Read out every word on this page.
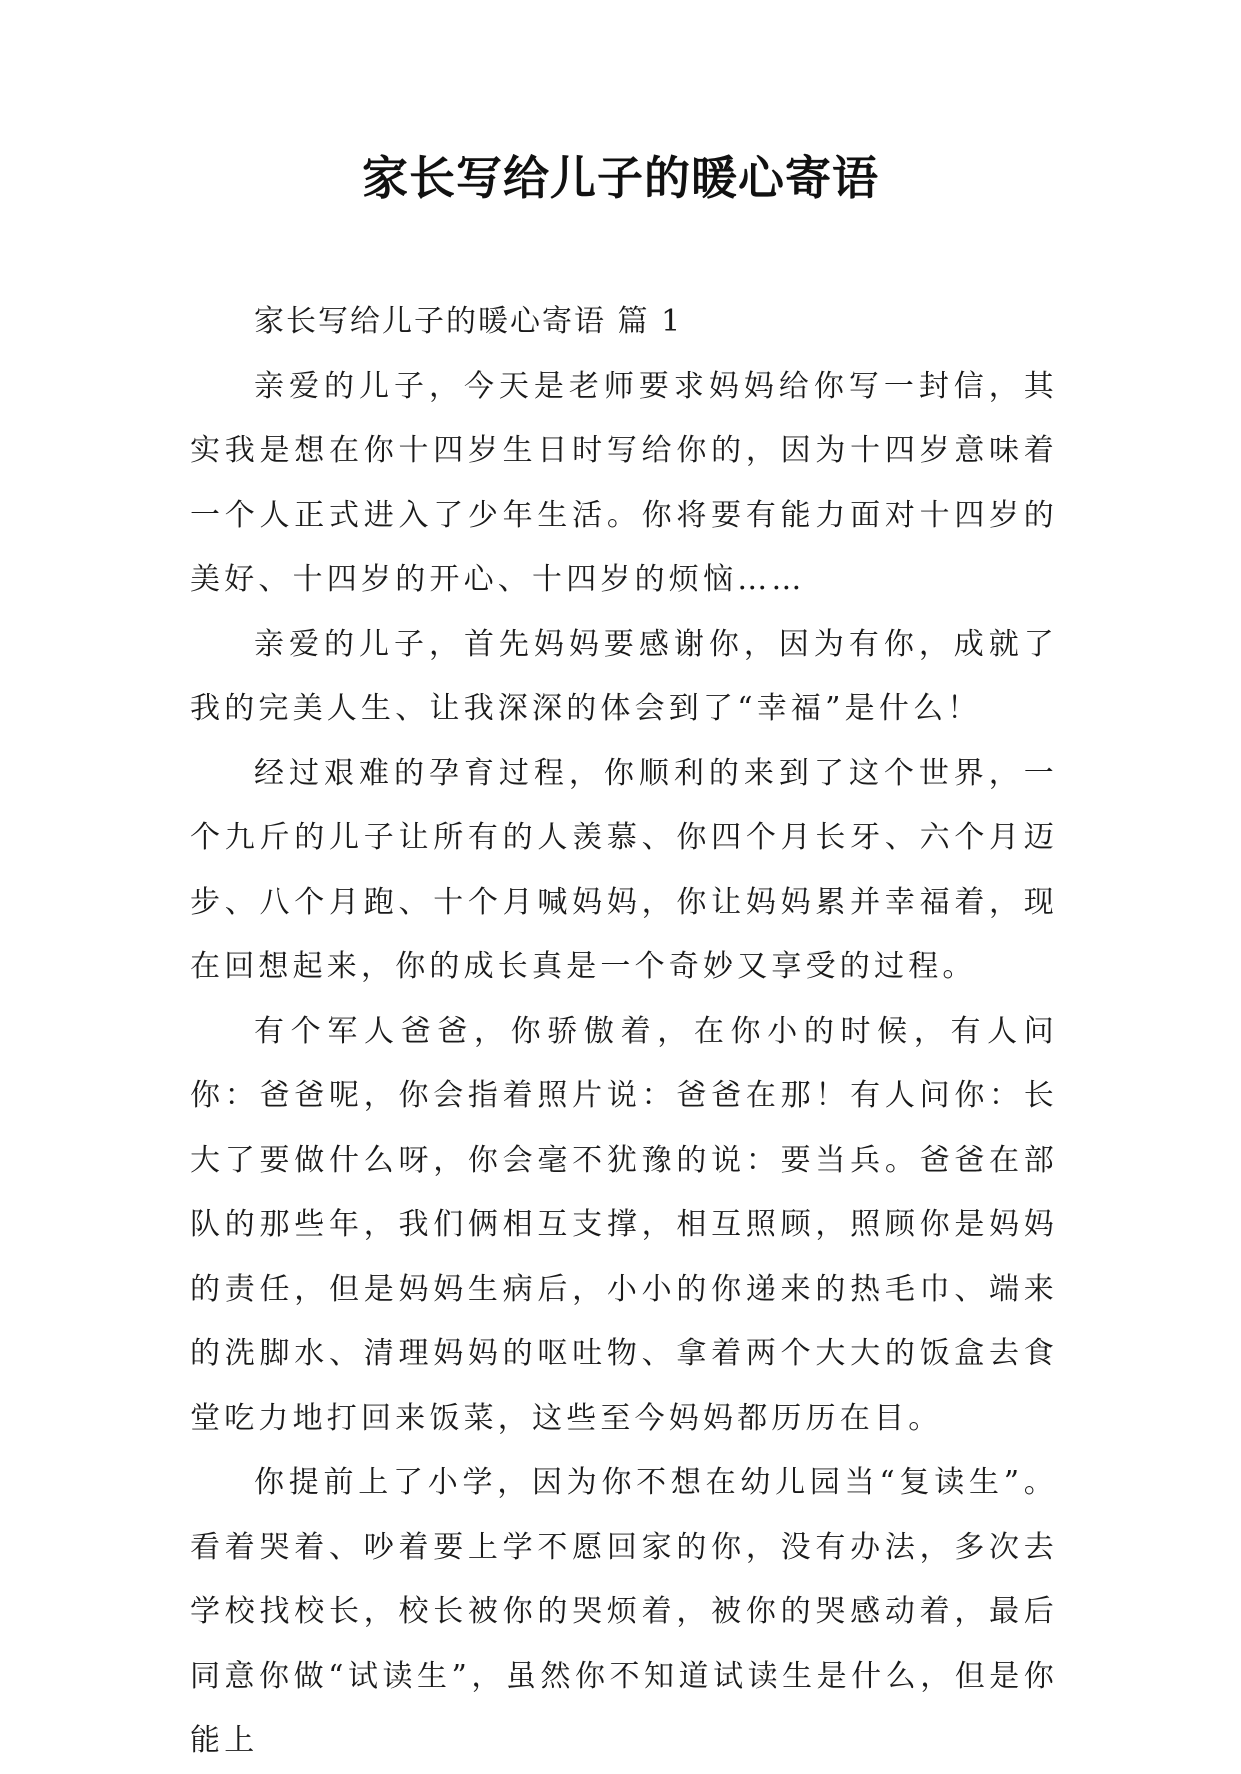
家长写给儿子的暖心寄语

家长写给儿子的暖心寄语 篇 1

亲爱的儿子，今天是老师要求妈妈给你写一封信，其实我是想在你十四岁生日时写给你的，因为十四岁意味着一个人正式进入了少年生活。你将要有能力面对十四岁的美好、十四岁的开心、十四岁的烦恼……

亲爱的儿子，首先妈妈要感谢你，因为有你，成就了我的完美人生、让我深深的体会到了“幸福”是什么！

经过艰难的孕育过程，你顺利的来到了这个世界，一个九斤的儿子让所有的人羡慕、你四个月长牙、六个月迈步、八个月跑、十个月喊妈妈，你让妈妈累并幸福着，现在回想起来，你的成长真是一个奇妙又享受的过程。

有个军人爸爸，你骄傲着，在你小的时候，有人问你：爸爸呢，你会指着照片说：爸爸在那！有人问你：长大了要做什么呀，你会毫不犹豫的说：要当兵。爸爸在部队的那些年，我们俩相互支撑，相互照顾，照顾你是妈妈的责任，但是妈妈生病后，小小的你递来的热毛巾、端来的洗脚水、清理妈妈的呕吐物、拿着两个大大的饭盒去食堂吃力地打回来饭菜，这些至今妈妈都历历在目。

你提前上了小学，因为你不想在幼儿园当“复读生”。看着哭着、吵着要上学不愿回家的你，没有办法，多次去学校找校长，校长被你的哭烦着，被你的哭感动着，最后同意你做“试读生”，虽然你不知道试读生是什么，但是你能上
